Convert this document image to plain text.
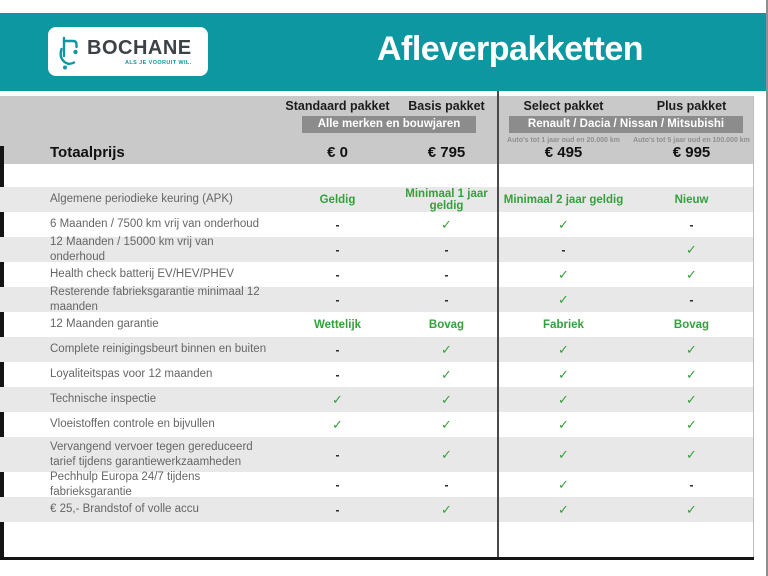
BOCHANE
ALS JE VOORUIT WIL.	Afleverpakketten
Standaard pakket	Basis pakket	Select pakket	Plus pakket
Alle merken en bouwjaren	Renault / Dacia / Nissan / Mitsubishi
Auto's tot 1 jaar oud en 20.000 km	Auto's tot 5 jaar oud en 100.000 km
Totaalprijs	€ 0	€ 795	€ 495	€ 995
Algemene periodieke keuring (APK)	Geldig	Minimaal 1 jaar geldig	Minimaal 2 jaar geldig	Nieuw
6 Maanden / 7500 km vrij van onderhoud	-	✓	✓	-
12 Maanden / 15000 km vrij van onderhoud	-	-	-	✓
Health check batterij EV/HEV/PHEV	-	-	✓	✓
Resterende fabrieksgarantie minimaal 12 maanden	-	-	✓	-
12 Maanden garantie	Wettelijk	Bovag	Fabriek	Bovag
Complete reinigingsbeurt binnen en buiten	-	✓	✓	✓
Loyaliteitspas voor 12 maanden	-	✓	✓	✓
Technische inspectie	✓	✓	✓	✓
Vloeistoffen controle en bijvullen	✓	✓	✓	✓
Vervangend vervoer tegen gereduceerd tarief tijdens garantiewerkzaamheden	-	✓	✓	✓
Pechhulp Europa 24/7 tijdens fabrieksgarantie	-	-	✓	-
€ 25,- Brandstof of volle accu	-	✓	✓	✓
